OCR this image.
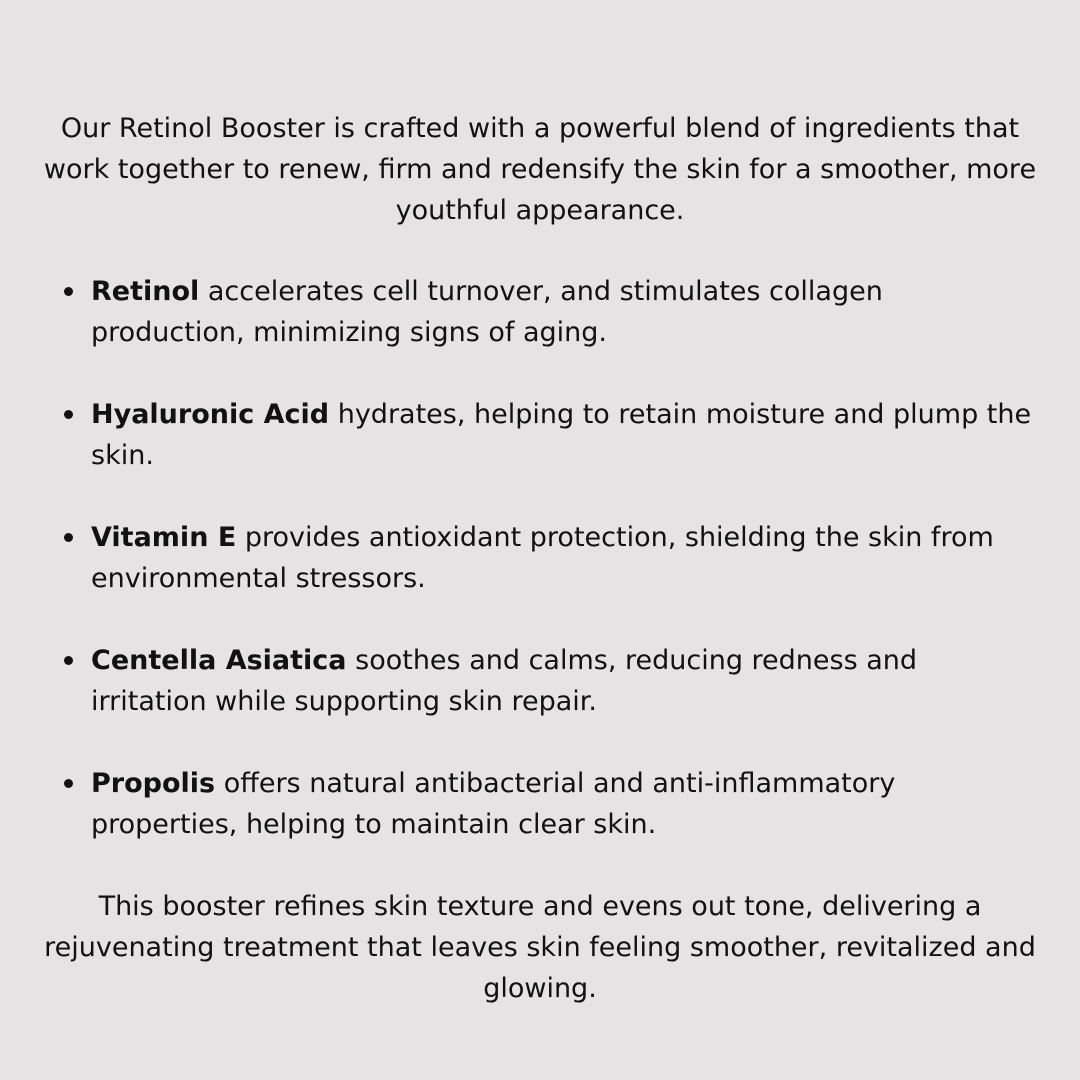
Our Retinol Booster is crafted with a powerful blend of ingredients that work together to renew, firm and redensify the skin for a smoother, more youthful appearance.

Retinol accelerates cell turnover, and stimulates collagen production, minimizing signs of aging.
Hyaluronic Acid hydrates, helping to retain moisture and plump the skin.
Vitamin E provides antioxidant protection, shielding the skin from environmental stressors.
Centella Asiatica soothes and calms, reducing redness and irritation while supporting skin repair.
Propolis offers natural antibacterial and anti-inflammatory properties, helping to maintain clear skin.

This booster refines skin texture and evens out tone, delivering a rejuvenating treatment that leaves skin feeling smoother, revitalized and glowing.
